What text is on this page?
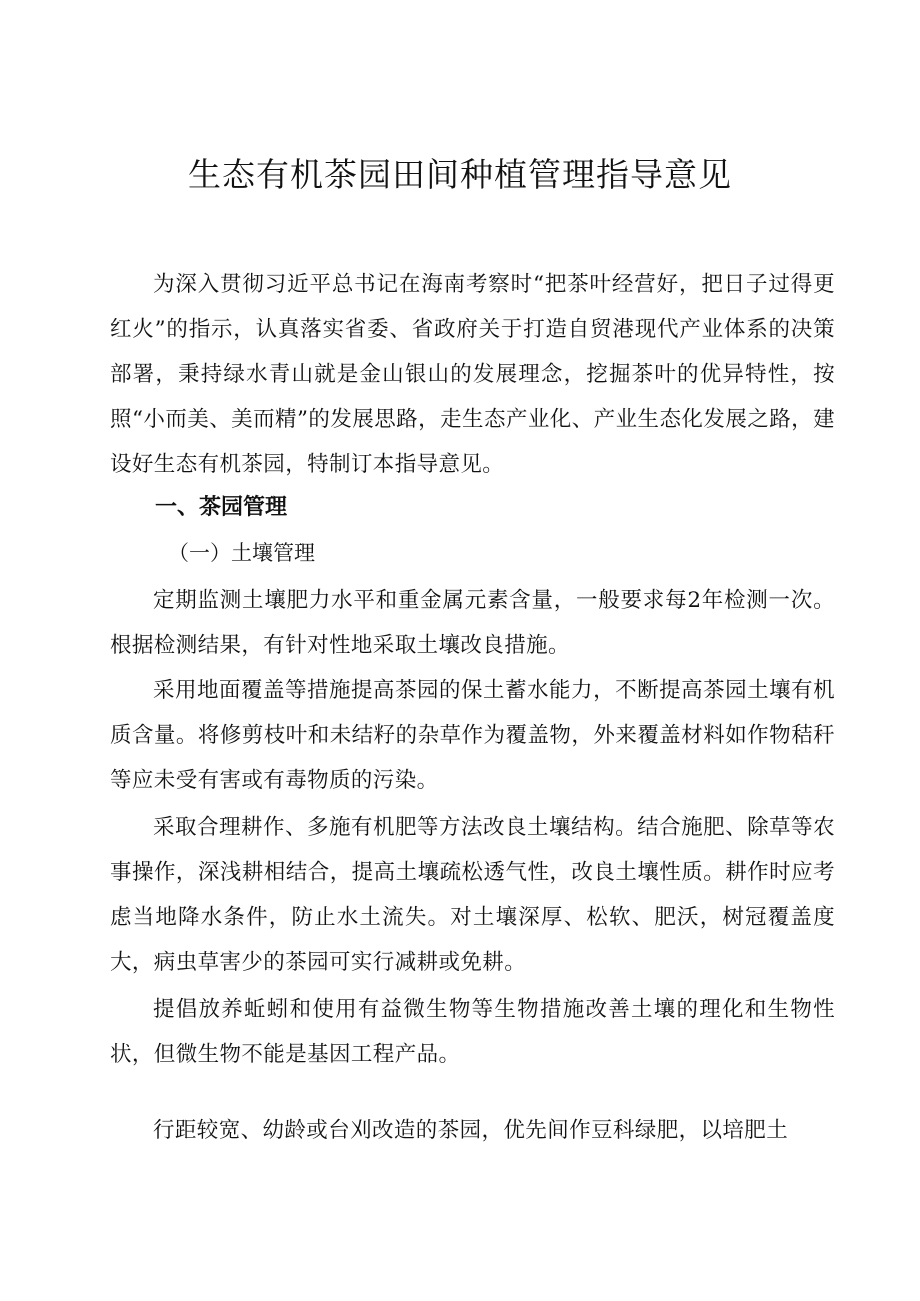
生态有机茶园田间种植管理指导意见

为深入贯彻习近平总书记在海南考察时“把茶叶经营好，把日子过得更红火”的指示，认真落实省委、省政府关于打造自贸港现代产业体系的决策部署，秉持绿水青山就是金山银山的发展理念，挖掘茶叶的优异特性，按照“小而美、美而精”的发展思路，走生态产业化、产业生态化发展之路，建设好生态有机茶园，特制订本指导意见。

一、茶园管理

（一）土壤管理

定期监测土壤肥力水平和重金属元素含量，一般要求每2年检测一次。根据检测结果，有针对性地采取土壤改良措施。

采用地面覆盖等措施提高茶园的保土蓄水能力，不断提高茶园土壤有机质含量。将修剪枝叶和未结籽的杂草作为覆盖物，外来覆盖材料如作物秸秆等应未受有害或有毒物质的污染。

采取合理耕作、多施有机肥等方法改良土壤结构。结合施肥、除草等农事操作，深浅耕相结合，提高土壤疏松透气性，改良土壤性质。耕作时应考虑当地降水条件，防止水土流失。对土壤深厚、松软、肥沃，树冠覆盖度大，病虫草害少的茶园可实行减耕或免耕。

提倡放养蚯蚓和使用有益微生物等生物措施改善土壤的理化和生物性状，但微生物不能是基因工程产品。

行距较宽、幼龄或台刈改造的茶园，优先间作豆科绿肥，以培肥土
